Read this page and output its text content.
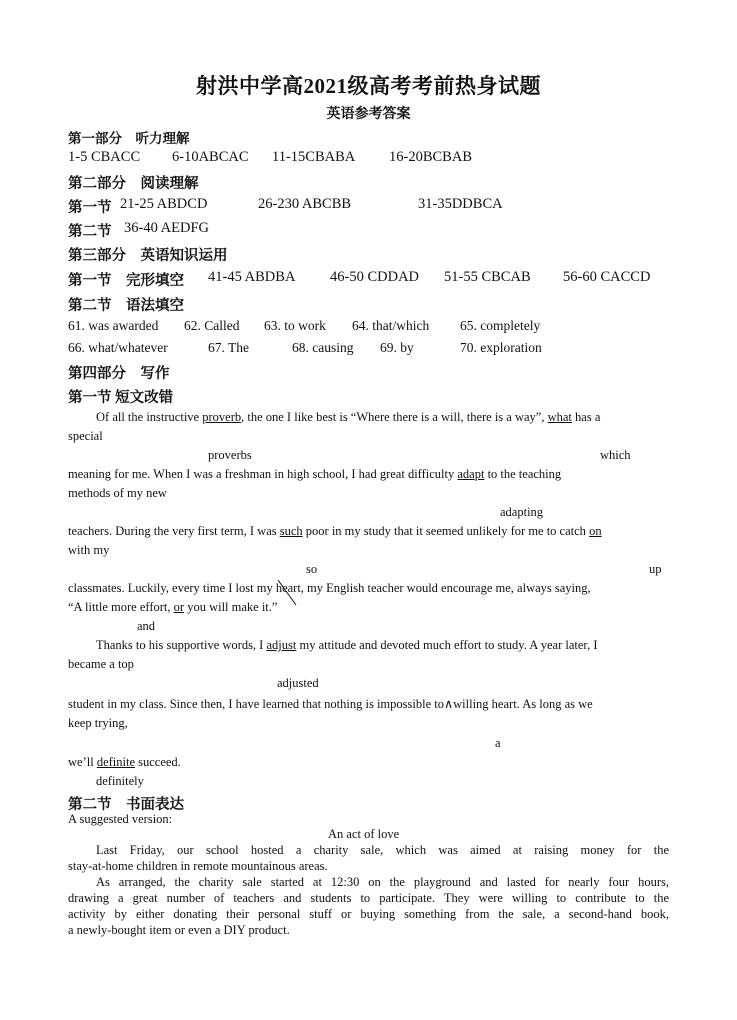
射洪中学高2021级高考考前热身试题
英语参考答案
第一部分　听力理解
1-5 CBACC 6-10ABCAC 11-15CBABA 16-20BCBAB
第二部分　阅读理解
第一节 21-25 ABDCD	26-230 ABCBB	31-35DDBCA
第二节 36-40 AEDFG
第三部分　英语知识运用
第一节　完形填空 41-45 ABDBA 46-50 CDDAD 51-55 CBCAB 56-60 CACCD
第二节　语法填空
61. was awarded 62. Called 63. to work 64. that/which 65. completely
66. what/whatever	67. The	68. causing 69. by	70. exploration
第四部分　写作
第一节 短文改错
Of all the instructive proverb, the one I like best is “Where there is a will, there is a way”, what has a
special
proverbs	which
meaning for me. When I was a freshman in high school, I had great difficulty adapt to the teaching
methods of my new
adapting
teachers. During the very first term, I was such poor in my study that it seemed unlikely for me to catch on
with my
so	up
classmates. Luckily, every time I lost my heart, my English teacher would encourage me, always saying,
“A little more effort, or you will make it.”
and
Thanks to his supportive words, I adjust my attitude and devoted much effort to study. A year later, I
became a top
adjusted
student in my class. Since then, I have learned that nothing is impossible to∧willing heart. As long as we
keep trying,
a
we’ll definite succeed.
definitely
第二节　书面表达
A suggested version:
An act of love
Last Friday, our school hosted a charity sale, which was aimed at raising money for the
stay-at-home children in remote mountainous areas.
As arranged, the charity sale started at 12:30 on the playground and lasted for nearly four hours,
drawing a great number of teachers and students to participate. They were willing to contribute to the
activity by either donating their personal stuff or buying something from the sale, a second-hand book,
a newly-bought item or even a DIY product.
